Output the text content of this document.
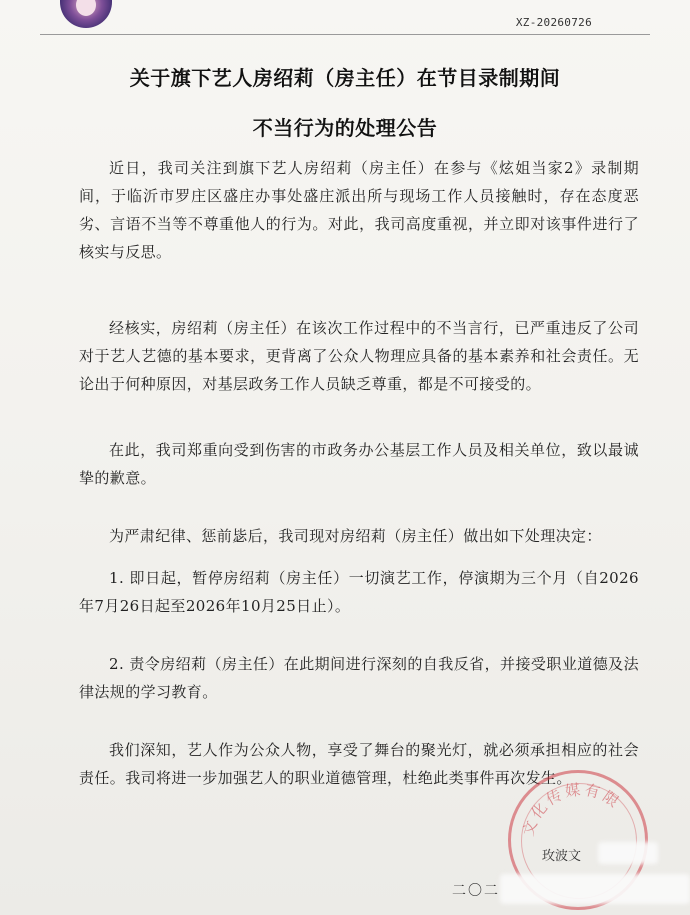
XZ-20260726
关于旗下艺人房绍莉（房主任）在节目录制期间
不当行为的处理公告
近日，我司关注到旗下艺人房绍莉（房主任）在参与《炫姐当家2》录制期间，于临沂市罗庄区盛庄办事处盛庄派出所与现场工作人员接触时，存在态度恶劣、言语不当等不尊重他人的行为。对此，我司高度重视，并立即对该事件进行了核实与反思。
经核实，房绍莉（房主任）在该次工作过程中的不当言行，已严重违反了公司对于艺人艺德的基本要求，更背离了公众人物理应具备的基本素养和社会责任。无论出于何种原因，对基层政务工作人员缺乏尊重，都是不可接受的。
在此，我司郑重向受到伤害的市政务办公基层工作人员及相关单位，致以最诚挚的歉意。
为严肃纪律、惩前毖后，我司现对房绍莉（房主任）做出如下处理决定：
1. 即日起，暂停房绍莉（房主任）一切演艺工作，停演期为三个月（自2026年7月26日起至2026年10月25日止）。
2. 责令房绍莉（房主任）在此期间进行深刻的自我反省，并接受职业道德及法律法规的学习教育。
我们深知，艺人作为公众人物，享受了舞台的聚光灯，就必须承担相应的社会责任。我司将进一步加强艺人的职业道德管理，杜绝此类事件再次发生。
文化传媒有限
玫波文
二〇二
